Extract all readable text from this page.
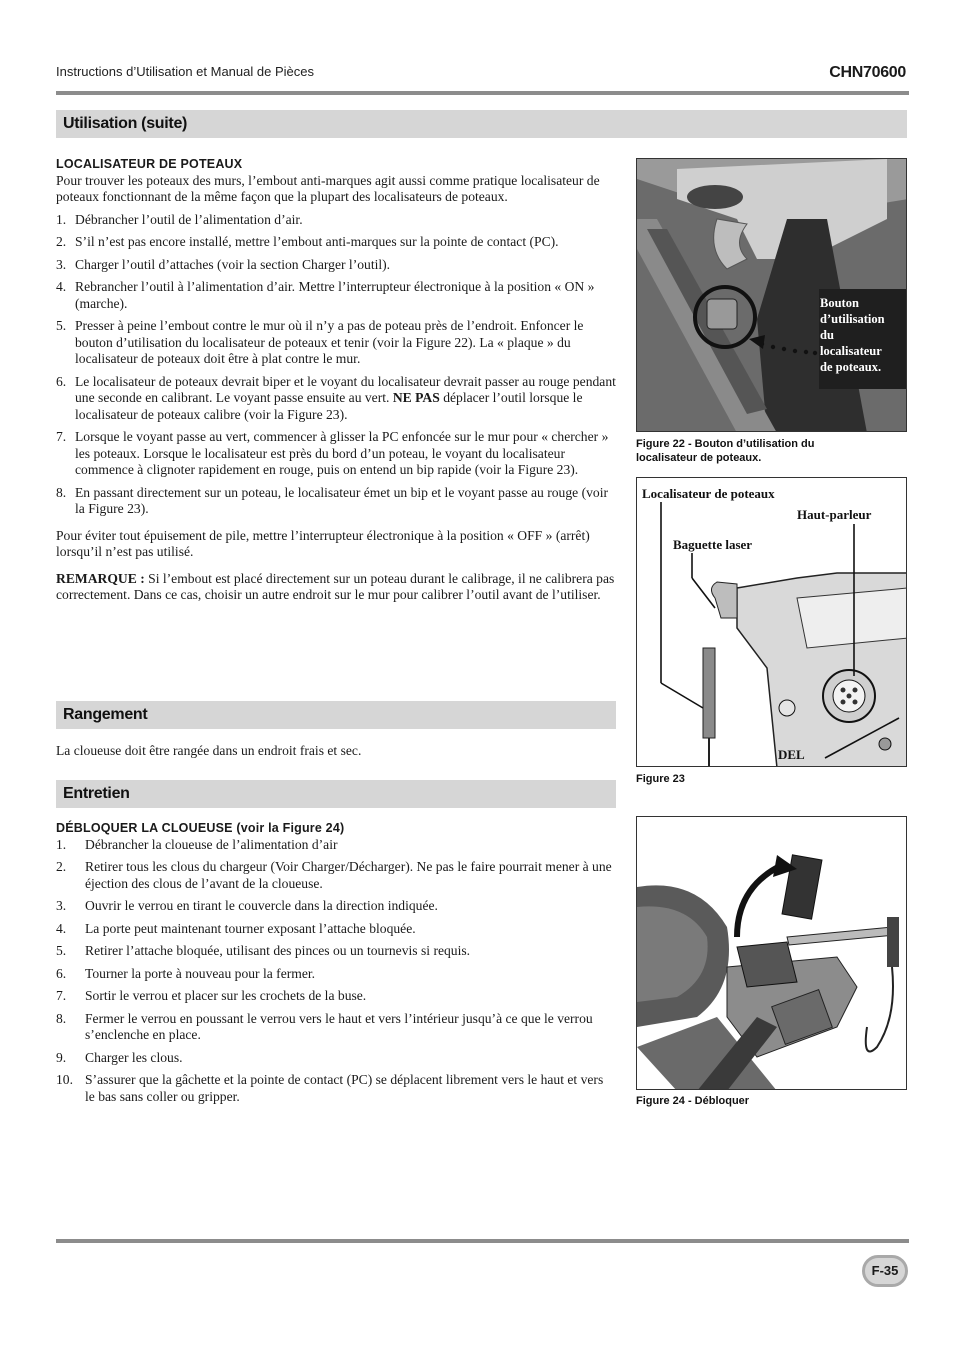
Instructions d’Utilisation et Manual de Pièces	CHN70600
Utilisation (suite)
LOCALISATEUR DE POTEAUX

Pour trouver les poteaux des murs, l’embout anti-marques agit aussi comme pratique localisateur de poteaux fonctionnant de la même façon que la plupart des localisateurs de poteaux.

1. Débrancher l’outil de l’alimentation d’air.
2. S’il n’est pas encore installé, mettre l’embout anti-marques sur la pointe de contact (PC).
3. Charger l’outil d’attaches (voir la section Charger l’outil).
4. Rebrancher l’outil à l’alimentation d’air. Mettre l’interrupteur électronique à la position « ON » (marche).
5. Presser à peine l’embout contre le mur où il n’y a pas de poteau près de l’endroit. Enfoncer le bouton d’utilisation du localisateur de poteaux et tenir (voir la Figure 22). La « plaque » du localisateur de poteaux doit être à plat contre le mur.
6. Le localisateur de poteaux devrait biper et le voyant du localisateur devrait passer au rouge pendant une seconde en calibrant. Le voyant passe ensuite au vert. NE PAS déplacer l’outil lorsque le localisateur de poteaux calibre (voir la Figure 23).
7. Lorsque le voyant passe au vert, commencer à glisser la PC enfoncée sur le mur pour « chercher » les poteaux. Lorsque le localisateur est près du bord d’un poteau, le voyant du localisateur commence à clignoter rapidement en rouge, puis on entend un bip rapide (voir la Figure 23).
8. En passant directement sur un poteau, le localisateur émet un bip et le voyant passe au rouge (voir la Figure 23).

Pour éviter tout épuisement de pile, mettre l’interrupteur électronique à la position « OFF » (arrêt) lorsqu’il n’est pas utilisé.

REMARQUE : Si l’embout est placé directement sur un poteau durant le calibrage, il ne calibrera pas correctement. Dans ce cas, choisir un autre endroit sur le mur pour calibrer l’outil avant de l’utiliser.

Rangement
La cloueuse doit être rangée dans un endroit frais et sec.
Entretien
DÉBLOQUER LA CLOUEUSE (voir la Figure 24)
1. Débrancher la cloueuse de l’alimentation d’air
2. Retirer tous les clous du chargeur (Voir Charger/Décharger). Ne pas le faire pourrait mener à une éjection des clous de l’avant de la cloueuse.
3. Ouvrir le verrou en tirant le couvercle dans la direction indiquée.
4. La porte peut maintenant tourner exposant l’attache bloquée.
5. Retirer l’attache bloquée, utilisant des pinces ou un tournevis si requis.
6. Tourner la porte à nouveau pour la fermer.
7. Sortir le verrou et placer sur les crochets de la buse.
8. Fermer le verrou en poussant le verrou vers le haut et vers l’intérieur jusqu’à ce que le verrou s’enclenche en place.
9. Charger les clous.
10. S’assurer que la gâchette et la pointe de contact (PC) se déplacent librement vers le haut et vers le bas sans coller ou gripper.
Bouton
d’utilisation
du
localisateur
de poteaux.
Figure 22 - Bouton d’utilisation du
localisateur de poteaux.
Localisateur de poteaux
Haut-parleur
Baguette laser
DEL
Figure 23
Figure 24 - Débloquer
F-35
